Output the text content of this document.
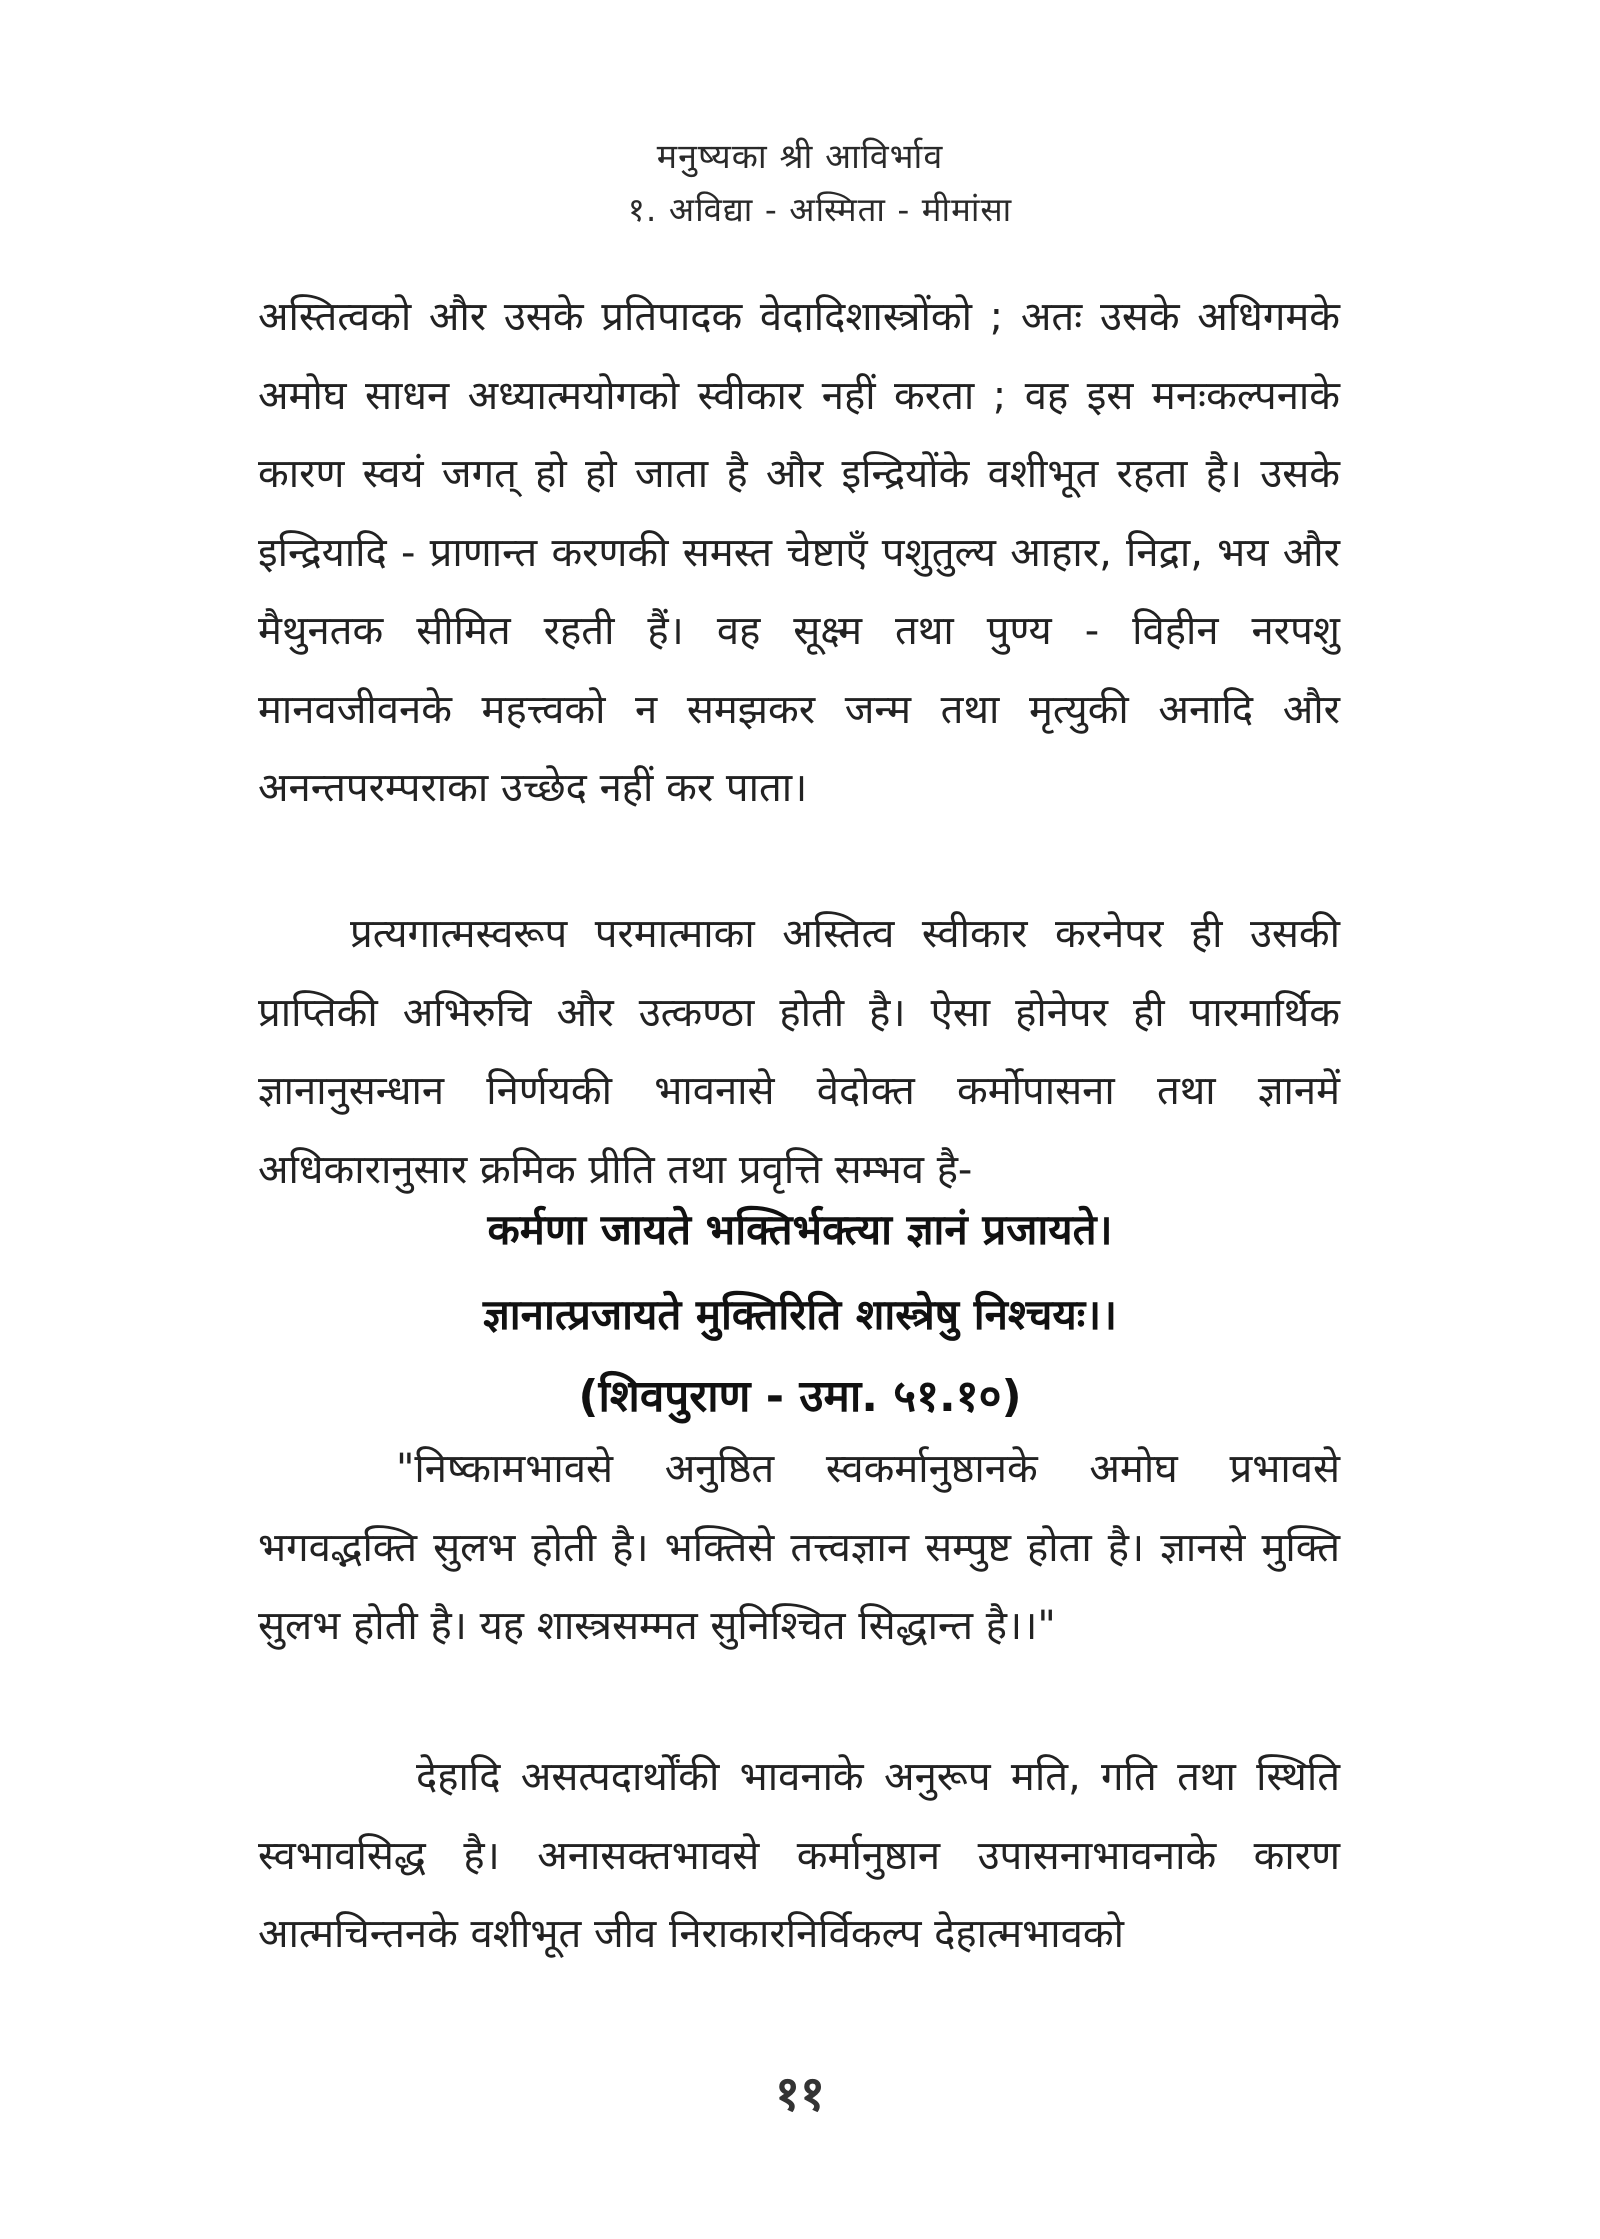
मनुष्यका श्री आविर्भाव
१. अविद्या - अस्मिता - मीमांसा
अस्तित्वको और उसके प्रतिपादक वेदादिशास्त्रोंको ; अतः उसके अधिगमके अमोघ साधन अध्यात्मयोगको स्वीकार नहीं करता ; वह इस मनःकल्पनाके कारण स्वयं जगत् हो हो जाता है और इन्द्रियोंके वशीभूत रहता है। उसके इन्द्रियादि - प्राणान्त करणकी समस्त चेष्टाएँ पशुतुल्य आहार, निद्रा, भय और मैथुनतक सीमित रहती हैं। वह सूक्ष्म तथा पुण्य - विहीन नरपशु मानवजीवनके महत्त्वको न समझकर जन्म तथा मृत्युकी अनादि और अनन्तपरम्पराका उच्छेद नहीं कर पाता।
प्रत्यगात्मस्वरूप परमात्माका अस्तित्व स्वीकार करनेपर ही उसकी प्राप्तिकी अभिरुचि और उत्कण्ठा होती है। ऐसा होनेपर ही पारमार्थिक ज्ञानानुसन्धान निर्णयकी भावनासे वेदोक्त कर्मोपासना तथा ज्ञानमें अधिकारानुसार क्रमिक प्रीति तथा प्रवृत्ति सम्भव है-
कर्मणा जायते भक्तिर्भक्त्या ज्ञानं प्रजायते।
ज्ञानात्प्रजायते मुक्तिरिति शास्त्रेषु निश्चयः।।
(शिवपुराण - उमा. ५१.१०)
"निष्कामभावसे अनुष्ठित स्वकर्मानुष्ठानके अमोघ प्रभावसे भगवद्भक्ति सुलभ होती है। भक्तिसे तत्त्वज्ञान सम्पुष्ट होता है। ज्ञानसे मुक्ति सुलभ होती है। यह शास्त्रसम्मत सुनिश्चित सिद्धान्त है।।"
देहादि असत्पदार्थोंकी भावनाके अनुरूप मति, गति तथा स्थिति स्वभावसिद्ध है। अनासक्तभावसे कर्मानुष्ठान उपासनाभावनाके कारण आत्मचिन्तनके वशीभूत जीव निराकारनिर्विकल्प देहात्मभावको
११
